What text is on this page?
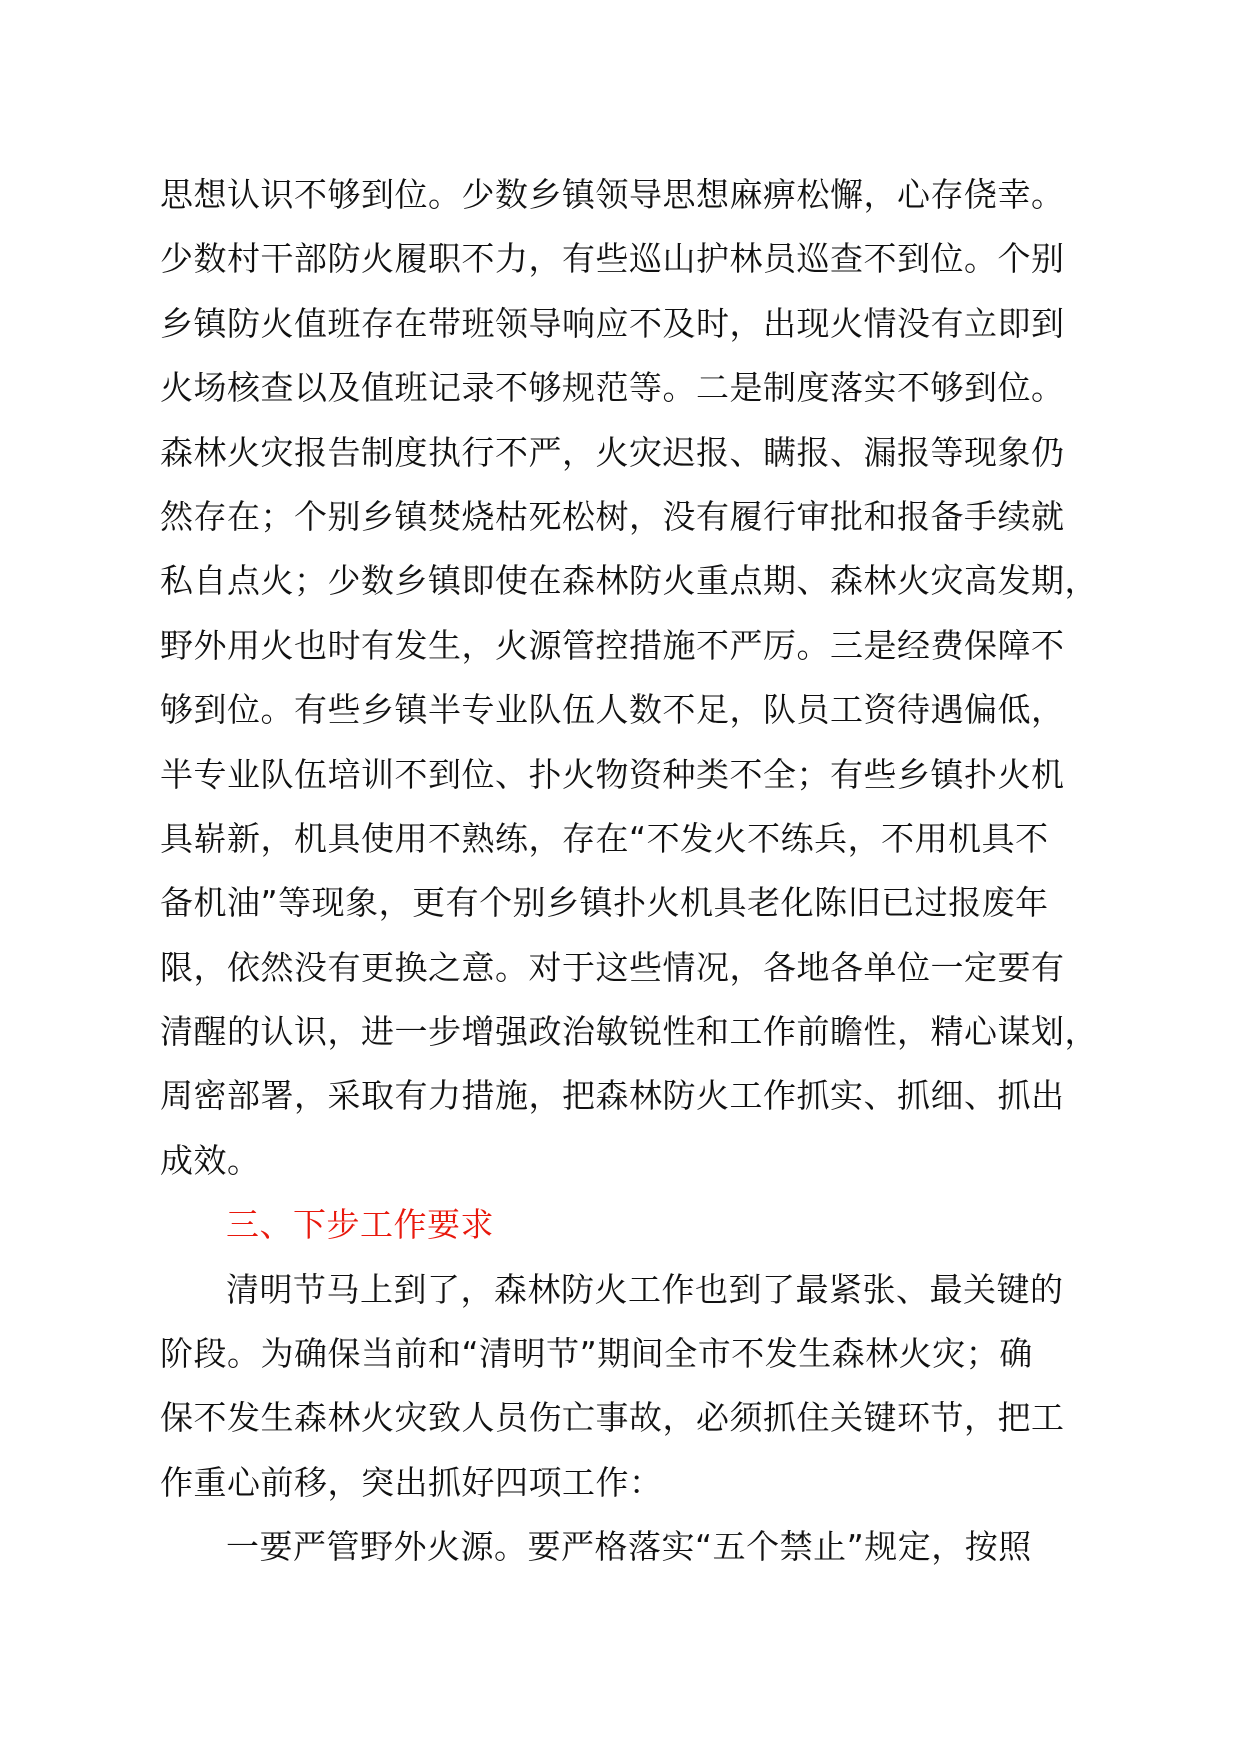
思想认识不够到位。少数乡镇领导思想麻痹松懈，心存侥幸。
少数村干部防火履职不力，有些巡山护林员巡查不到位。个别
乡镇防火值班存在带班领导响应不及时，出现火情没有立即到
火场核查以及值班记录不够规范等。二是制度落实不够到位。
森林火灾报告制度执行不严，火灾迟报、瞒报、漏报等现象仍
然存在；个别乡镇焚烧枯死松树，没有履行审批和报备手续就
私自点火；少数乡镇即使在森林防火重点期、森林火灾高发期，
野外用火也时有发生，火源管控措施不严厉。三是经费保障不
够到位。有些乡镇半专业队伍人数不足，队员工资待遇偏低，
半专业队伍培训不到位、扑火物资种类不全；有些乡镇扑火机
具崭新，机具使用不熟练，存在“不发火不练兵，不用机具不
备机油”等现象，更有个别乡镇扑火机具老化陈旧已过报废年
限，依然没有更换之意。对于这些情况，各地各单位一定要有
清醒的认识，进一步增强政治敏锐性和工作前瞻性，精心谋划，
周密部署，采取有力措施，把森林防火工作抓实、抓细、抓出
成效。
三、下步工作要求
清明节马上到了，森林防火工作也到了最紧张、最关键的
阶段。为确保当前和“清明节”期间全市不发生森林火灾；确
保不发生森林火灾致人员伤亡事故，必须抓住关键环节，把工
作重心前移，突出抓好四项工作：
一要严管野外火源。要严格落实“五个禁止”规定，按照
